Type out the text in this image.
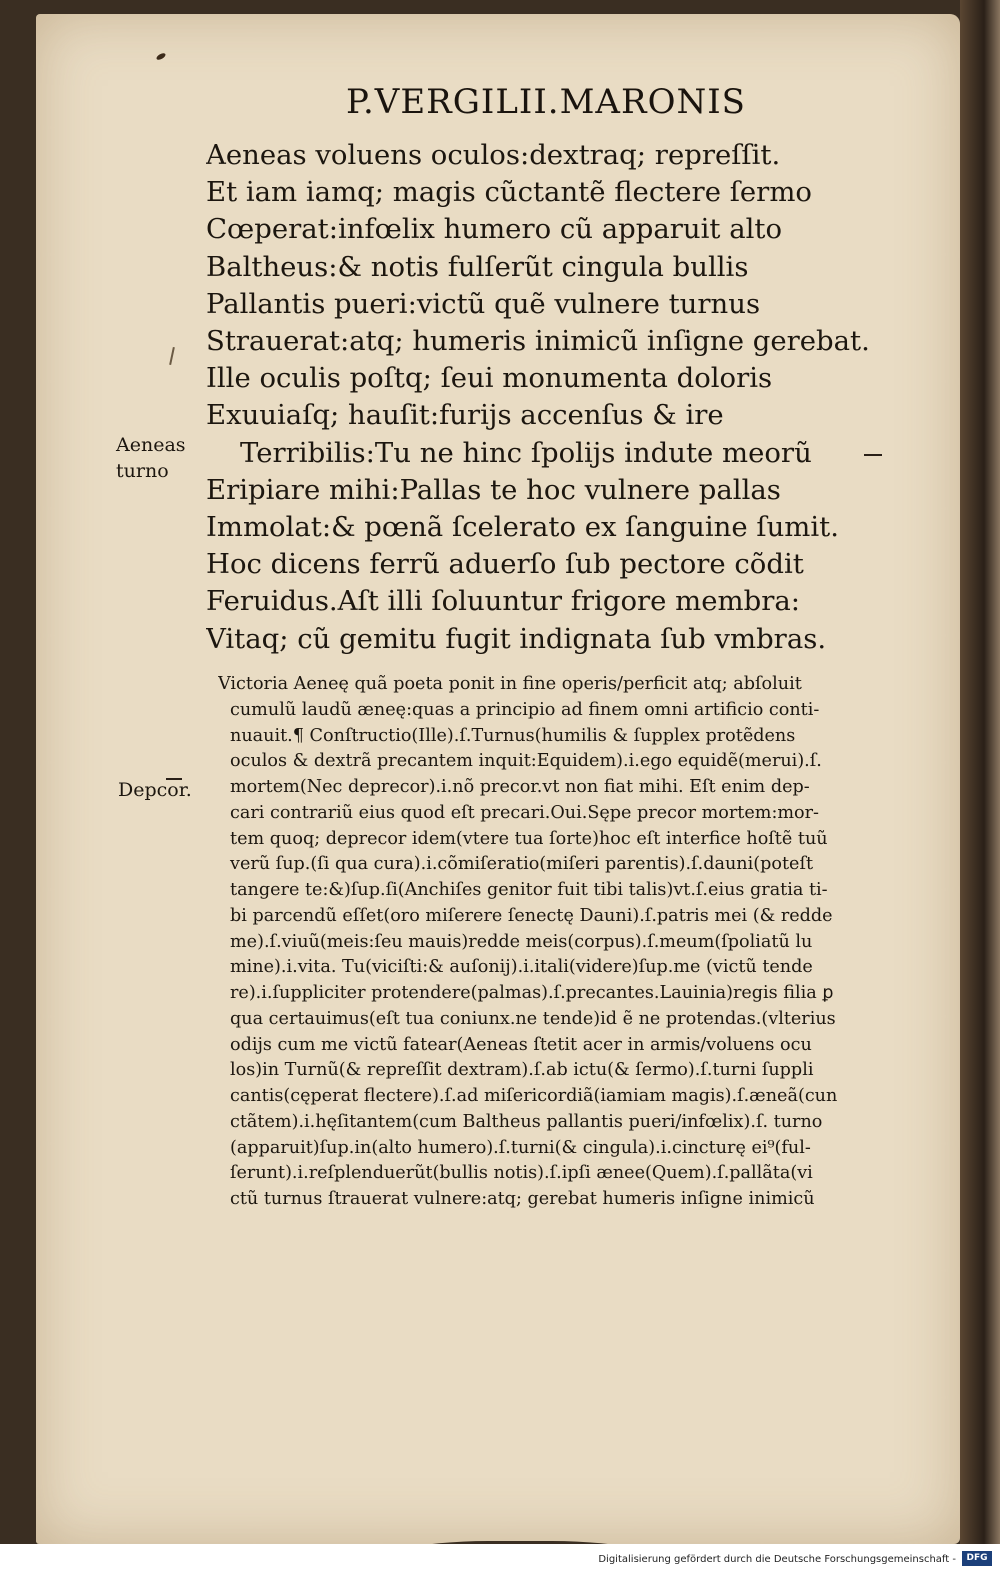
P.VERGILII.MARONIS
Aeneas voluens oculos:dextraq; repreſſit.
Et iam iamq; magis cũctantẽ flectere ſermo
Cœperat:infœlix humero cũ apparuit alto
Baltheus:& notis fulſerũt cingula bullis
Pallantis pueri:victũ quẽ vulnere turnus
Strauerat:atq; humeris inimicũ inſigne gerebat.
Ille oculis poſtq; ſeui monumenta doloris
Exuuiaſq; hauſit:furijs accenſus & ire
Terribilis:Tu ne hinc ſpolijs indute meorũ
Eripiare mihi:Pallas te hoc vulnere pallas
Immolat:& pœnã ſcelerato ex ſanguine ſumit.
Hoc dicens ferrũ aduerſo ſub pectore cõdit
Feruidus.Aſt illi ſoluuntur frigore membra:
Vitaq; cũ gemitu fugit indignata ſub vmbras.
Victoria Aeneę quã poeta ponit in fine operis/perficit atq; abſoluit
cumulũ laudũ æneę:quas a principio ad finem omni artificio conti-
nuauit.¶ Conſtructio(Ille).ſ.Turnus(humilis & ſupplex protẽdens
oculos & dextrã precantem inquit:Equidem).i.ego equidẽ(merui).ſ.
mortem(Nec deprecor).i.nõ precor.vt non fiat mihi. Eſt enim dep-
cari contrariũ eius quod eſt precari.Oui.Sępe precor mortem:mor-
tem quoq; deprecor idem(vtere tua ſorte)hoc eſt interfice hoſtẽ tuũ
verũ ſup.(ſi qua cura).i.cõmiſeratio(miſeri parentis).ſ.dauni(poteſt
tangere te:&)ſup.ſi(Anchiſes genitor fuit tibi talis)vt.ſ.eius gratia ti-
bi parcendũ eſſet(oro miſerere ſenectę Dauni).ſ.patris mei (& redde
me).ſ.viuũ(meis:ſeu mauis)redde meis(corpus).ſ.meum(ſpoliatũ lu
mine).i.vita. Tu(viciſti:& auſonij).i.itali(videre)ſup.me (victũ tende
re).i.ſuppliciter protendere(palmas).ſ.precantes.Lauinia)regis filia ꝑ
qua certauimus(eſt tua coniunx.ne tende)id ẽ ne protendas.(vlterius
odijs cum me victũ fatear(Aeneas ſtetit acer in armis/voluens ocu
los)in Turnũ(& repreſſit dextram).ſ.ab ictu(& ſermo).ſ.turni ſuppli
cantis(cęperat flectere).ſ.ad miſericordiã(iamiam magis).ſ.æneã(cun
ctãtem).i.hęſitantem(cum Baltheus pallantis pueri/infœlix).ſ. turno
(apparuit)ſup.in(alto humero).ſ.turni(& cingula).i.cincturę ei⁹(ful-
ſerunt).i.reſplenduerũt(bullis notis).ſ.ipſi ænee(Quem).ſ.pallãta(vi
ctũ turnus ſtrauerat vulnere:atq; gerebat humeris inſigne inimicũ
Aeneas
turno
Depcor.
Digitalisierung gefördert durch die Deutsche Forschungsgemeinschaft -	DFG
